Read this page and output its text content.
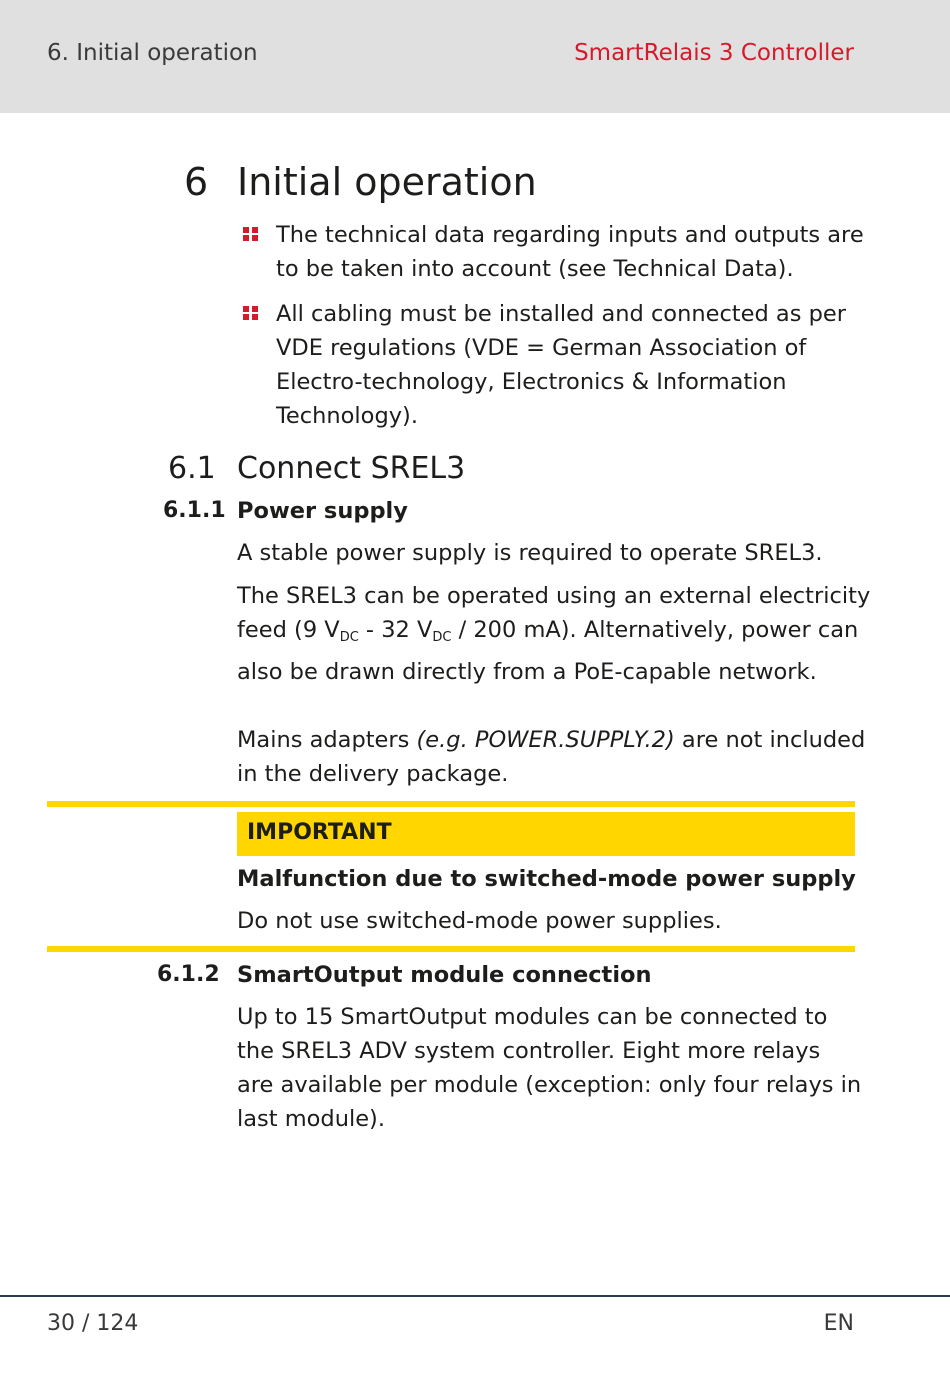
6. Initial operation	SmartRelais 3 Controller
6 Initial operation
The technical data regarding inputs and outputs are to be taken into account (see Technical Data).
All cabling must be installed and connected as per VDE regulations (VDE = German Association of Electro-technology, Electronics & Information Technology).
6.1 Connect SREL3
6.1.1 Power supply
A stable power supply is required to operate SREL3.
The SREL3 can be operated using an external electricity feed (9 $V_{DC} - 32$ $V_{DC} / 200$ mA). Alternatively, power can also be drawn directly from a PoE-capable network.
Mains adapters (e.g. POWER.SUPPLY.2) are not included in the delivery package.
IMPORTANT
Malfunction due to switched-mode power supply
Do not use switched-mode power supplies.
6.1.2 SmartOutput module connection
Up to 15 SmartOutput modules can be connected to the SREL3 ADV system controller. Eight more relays are available per module (exception: only four relays in last module).
30 / 124	EN
